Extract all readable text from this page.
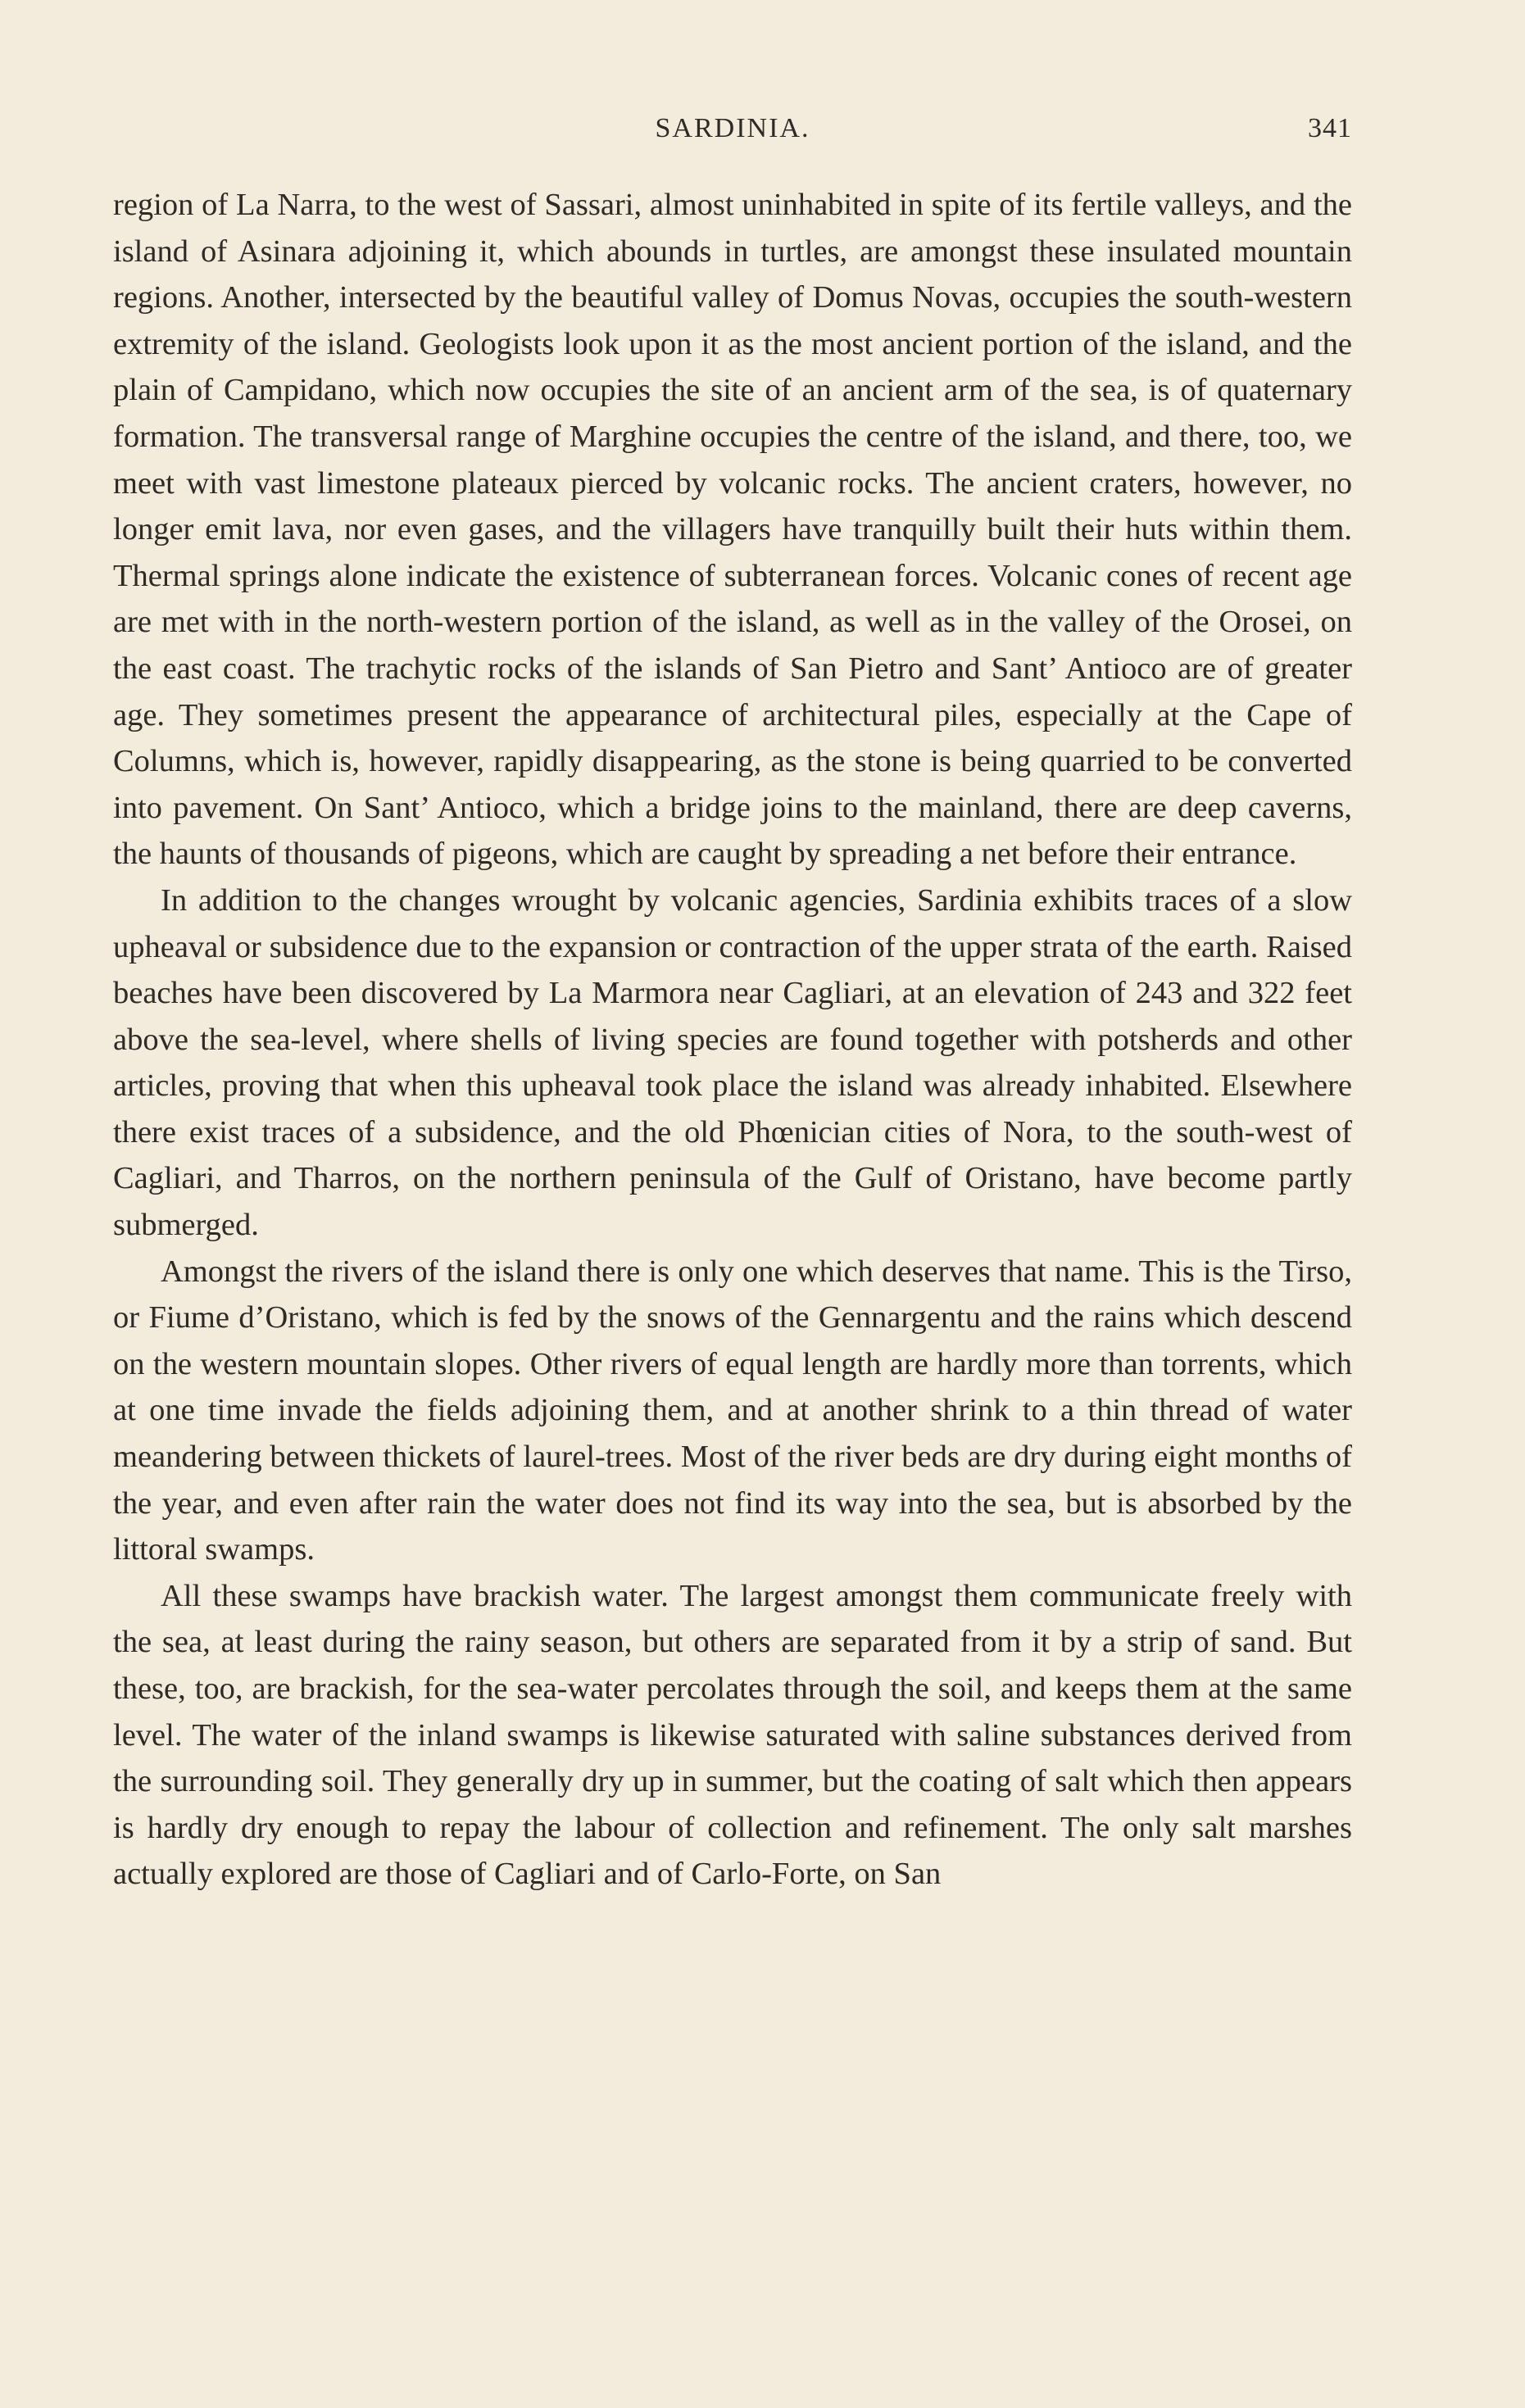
SARDINIA.	341

region of La Narra, to the west of Sassari, almost uninhabited in spite of its fertile valleys, and the island of Asinara adjoining it, which abounds in turtles, are amongst these insulated mountain regions. Another, intersected by the beautiful valley of Domus Novas, occupies the south-western extremity of the island. Geologists look upon it as the most ancient portion of the island, and the plain of Campidano, which now occupies the site of an ancient arm of the sea, is of quaternary formation. The transversal range of Marghine occupies the centre of the island, and there, too, we meet with vast limestone plateaux pierced by volcanic rocks. The ancient craters, however, no longer emit lava, nor even gases, and the villagers have tranquilly built their huts within them. Thermal springs alone indicate the existence of subterranean forces. Volcanic cones of recent age are met with in the north-western portion of the island, as well as in the valley of the Orosei, on the east coast. The trachytic rocks of the islands of San Pietro and Sant’ Antioco are of greater age. They sometimes present the appearance of architectural piles, especially at the Cape of Columns, which is, however, rapidly disappearing, as the stone is being quarried to be converted into pavement. On Sant’ Antioco, which a bridge joins to the mainland, there are deep caverns, the haunts of thousands of pigeons, which are caught by spreading a net before their entrance.

In addition to the changes wrought by volcanic agencies, Sardinia exhibits traces of a slow upheaval or subsidence due to the expansion or contraction of the upper strata of the earth. Raised beaches have been discovered by La Marmora near Cagliari, at an elevation of 243 and 322 feet above the sea-level, where shells of living species are found together with potsherds and other articles, proving that when this upheaval took place the island was already inhabited. Elsewhere there exist traces of a subsidence, and the old Phœnician cities of Nora, to the south-west of Cagliari, and Tharros, on the northern peninsula of the Gulf of Oristano, have become partly submerged.

Amongst the rivers of the island there is only one which deserves that name. This is the Tirso, or Fiume d’Oristano, which is fed by the snows of the Gennargentu and the rains which descend on the western mountain slopes. Other rivers of equal length are hardly more than torrents, which at one time invade the fields adjoining them, and at another shrink to a thin thread of water meandering between thickets of laurel-trees. Most of the river beds are dry during eight months of the year, and even after rain the water does not find its way into the sea, but is absorbed by the littoral swamps.

All these swamps have brackish water. The largest amongst them communicate freely with the sea, at least during the rainy season, but others are separated from it by a strip of sand. But these, too, are brackish, for the sea-water percolates through the soil, and keeps them at the same level. The water of the inland swamps is likewise saturated with saline substances derived from the surrounding soil. They generally dry up in summer, but the coating of salt which then appears is hardly dry enough to repay the labour of collection and refinement. The only salt marshes actually explored are those of Cagliari and of Carlo-Forte, on San
